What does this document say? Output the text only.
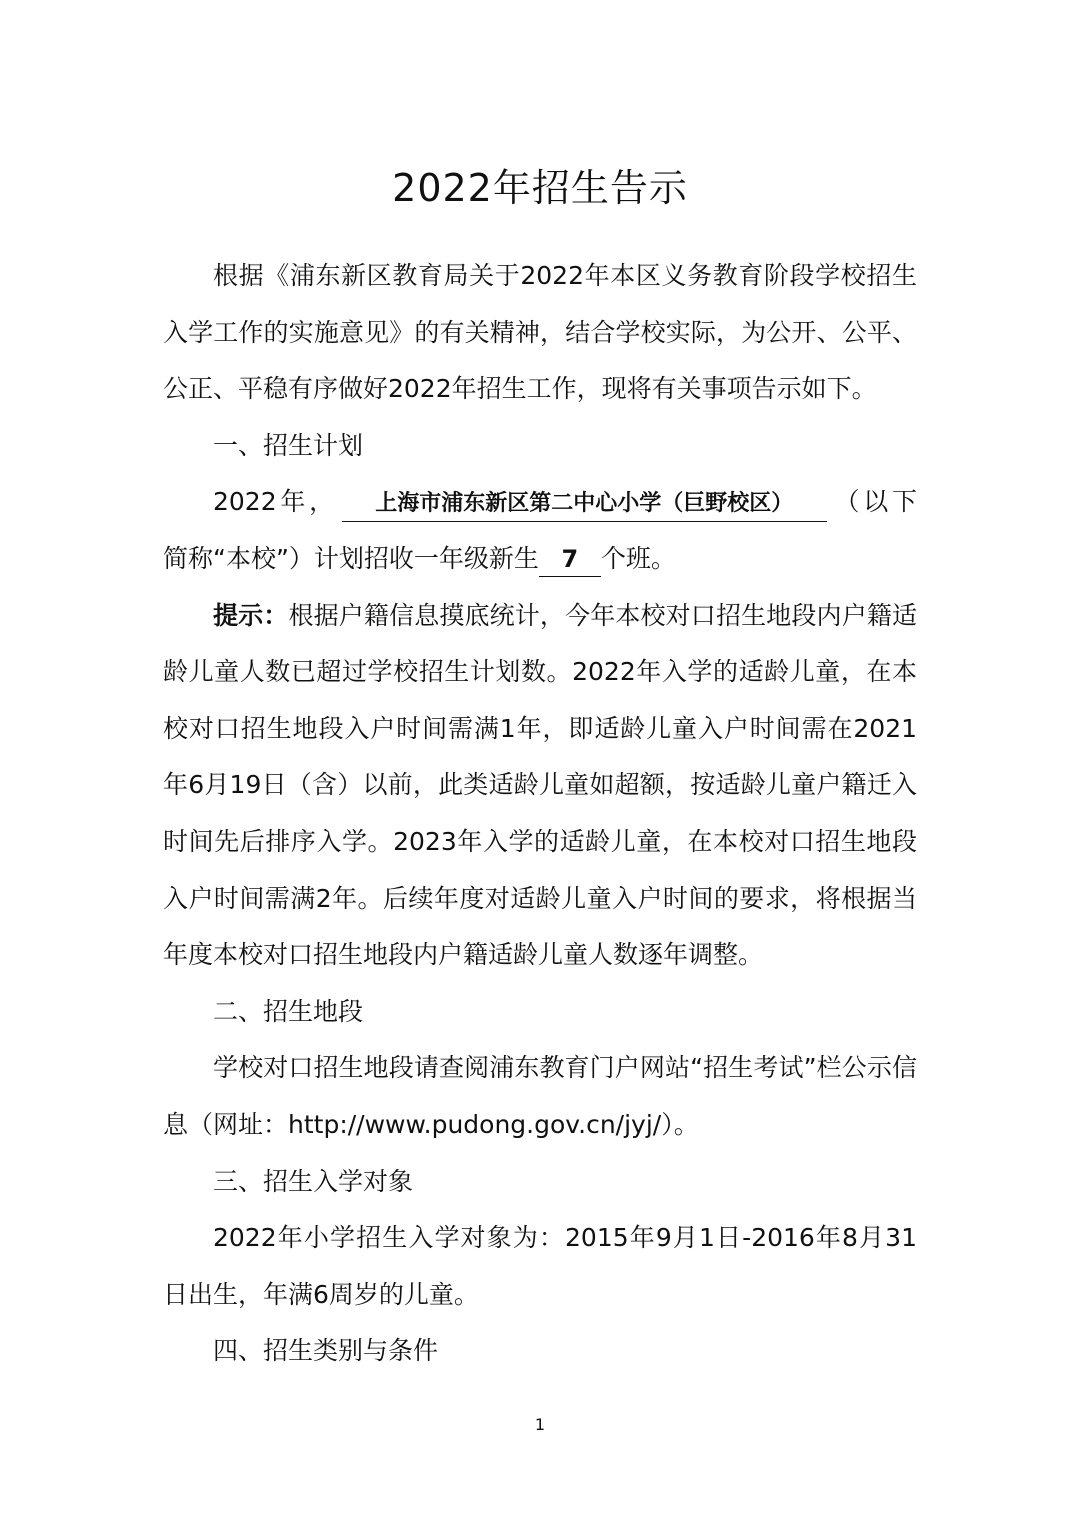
2022年招生告示

根据《浦东新区教育局关于2022年本区义务教育阶段学校招生入学工作的实施意见》的有关精神，结合学校实际，为公开、公平、公正、平稳有序做好2022年招生工作，现将有关事项告示如下。

一、招生计划

2022年， 上海市浦东新区第二中心小学（巨野校区） （以下简称“本校”）计划招收一年级新生 7 个班。

提示：根据户籍信息摸底统计，今年本校对口招生地段内户籍适龄儿童人数已超过学校招生计划数。2022年入学的适龄儿童，在本校对口招生地段入户时间需满1年，即适龄儿童入户时间需在2021年6月19日（含）以前，此类适龄儿童如超额，按适龄儿童户籍迁入时间先后排序入学。2023年入学的适龄儿童，在本校对口招生地段入户时间需满2年。后续年度对适龄儿童入户时间的要求，将根据当年度本校对口招生地段内户籍适龄儿童人数逐年调整。

二、招生地段

学校对口招生地段请查阅浦东教育门户网站“招生考试”栏公示信息（网址：http://www.pudong.gov.cn/jyj/）。

三、招生入学对象

2022年小学招生入学对象为：2015年9月1日-2016年8月31日出生，年满6周岁的儿童。

四、招生类别与条件

1
